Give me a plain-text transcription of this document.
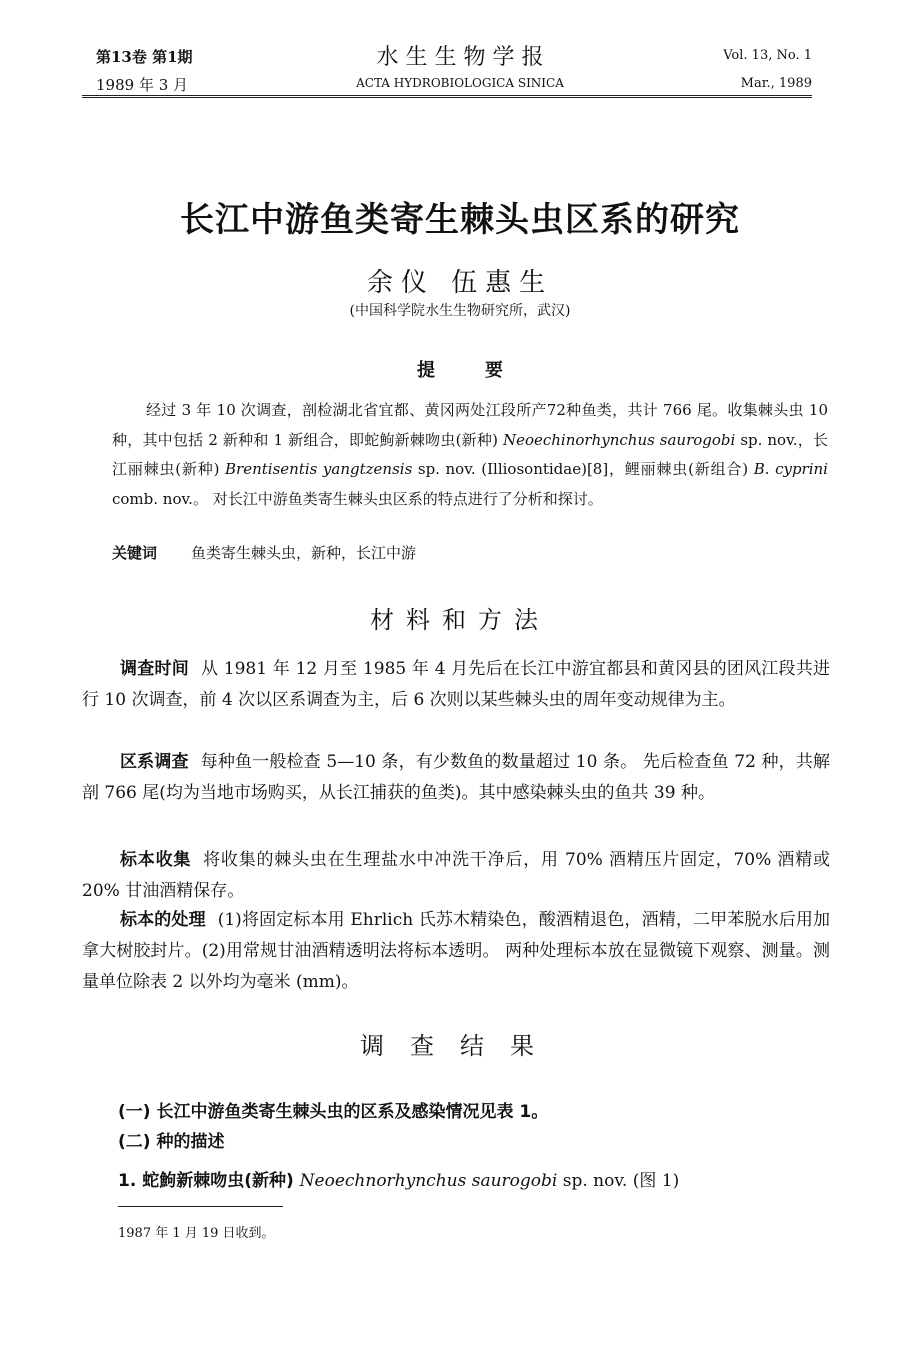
第13卷 第1期
1989 年 3 月
水 生 生 物 学 报
ACTA HYDROBIOLOGICA SINICA
Vol. 13, No. 1
Mar., 1989
长江中游鱼类寄生棘头虫区系的研究
余仪 伍惠生
(中国科学院水生生物研究所，武汉)
提要
经过 3 年 10 次调查，剖检湖北省宜都、黄冈两处江段所产72种鱼类，共计 766 尾。收集棘头虫 10 种，其中包括 2 新种和 1 新组合，即蛇鮈新棘吻虫(新种) Neoechinorhynchus saurogobi sp. nov.，长江丽棘虫(新种) Brentisentis yangtzensis sp. nov. (Illiosontidae)[8]，鲤丽棘虫(新组合) B. cyprini comb. nov.。 对长江中游鱼类寄生棘头虫区系的特点进行了分析和探讨。
关键词 鱼类寄生棘头虫，新种，长江中游
材料和方法
调查时间 从 1981 年 12 月至 1985 年 4 月先后在长江中游宜都县和黄冈县的团风江段共进行 10 次调查，前 4 次以区系调查为主，后 6 次则以某些棘头虫的周年变动规律为主。
区系调查 每种鱼一般检查 5—10 条，有少数鱼的数量超过 10 条。 先后检查鱼 72 种，共解剖 766 尾(均为当地市场购买，从长江捕获的鱼类)。其中感染棘头虫的鱼共 39 种。
标本收集 将收集的棘头虫在生理盐水中冲洗干净后，用 70% 酒精压片固定，70% 酒精或 20% 甘油酒精保存。
标本的处理 (1)将固定标本用 Ehrlich 氏苏木精染色，酸酒精退色，酒精，二甲苯脱水后用加拿大树胶封片。(2)用常规甘油酒精透明法将标本透明。 两种处理标本放在显微镜下观察、测量。测量单位除表 2 以外均为毫米 (mm)。
调查结果
(一) 长江中游鱼类寄生棘头虫的区系及感染情况见表 1。
(二) 种的描述
1. 蛇鮈新棘吻虫(新种) Neoechnorhynchus saurogobi sp. nov. (图 1)
1987 年 1 月 19 日收到。
